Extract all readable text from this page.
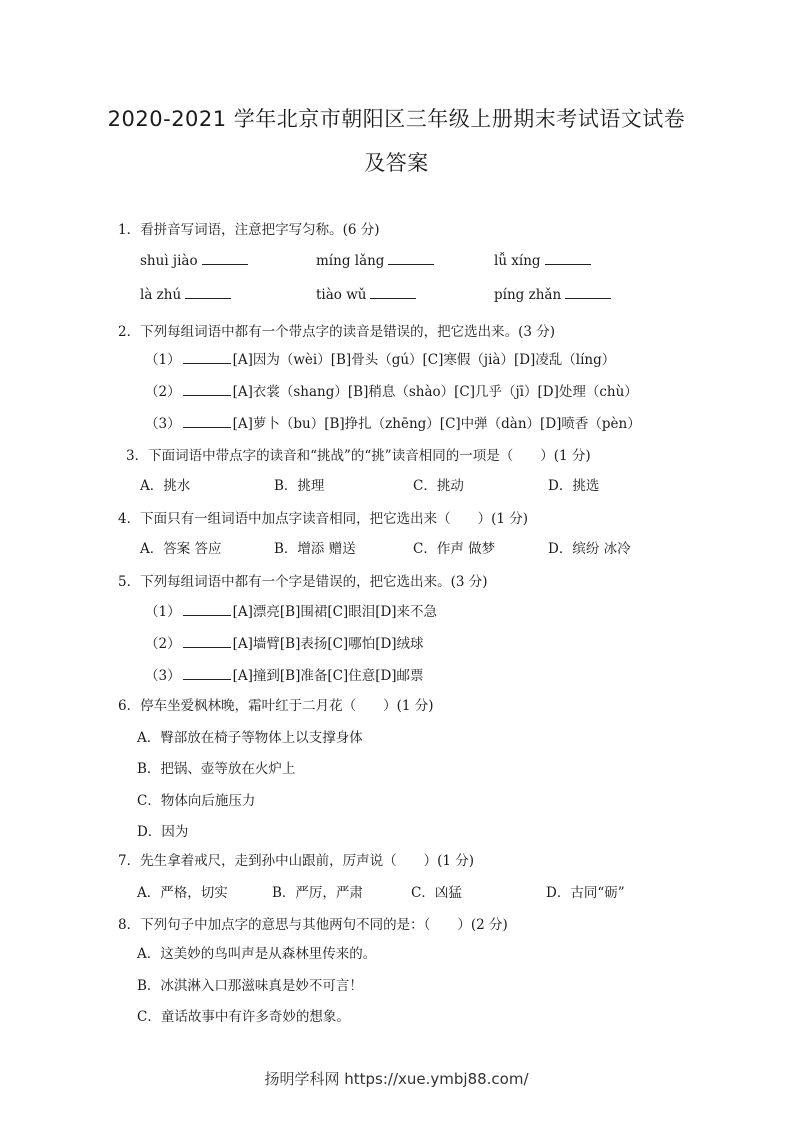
2020-2021 学年北京市朝阳区三年级上册期末考试语文试卷
及答案
1．看拼音写词语，注意把字写匀称。(6 分)
shuì jiào	míng lǎng	lǚ xíng
là zhú	tiào wǔ	píng zhǎn
2．下列每组词语中都有一个带点字的读音是错误的，把它选出来。(3 分)
（1）	[A]因为（wèi）[B]骨头（gú）[C]寒假（jià）[D]凌乱（líng）
（2）	[A]衣裳（shang）[B]稍息（shào）[C]几乎（jī）[D]处理（chù）
（3）	[A]萝卜（bu）[B]挣扎（zhēng）[C]中弹（dàn）[D]喷香（pèn）
3．下面词语中带点字的读音和“挑战”的“挑”读音相同的一项是（　　）(1 分)
A．挑水	B．挑理	C．挑动	D．挑选
4．下面只有一组词语中加点字读音相同，把它选出来（　　）(1 分)
A．答案 答应	B．增添 赠送	C．作声 做梦	D．缤纷 冰冷
5．下列每组词语中都有一个字是错误的，把它选出来。(3 分)
（1）	[A]漂亮[B]围裙[C]眼泪[D]来不急
（2）	[A]墙臂[B]表扬[C]哪怕[D]绒球
（3）	[A]撞到[B]准备[C]住意[D]邮票
6．停车坐爱枫林晚，霜叶红于二月花（　　）(1 分)
A．臀部放在椅子等物体上以支撑身体
B．把锅、壶等放在火炉上
C．物体向后施压力
D．因为
7．先生拿着戒尺，走到孙中山跟前，厉声说（　　）(1 分)
A．严格，切实	B．严厉，严肃	C．凶猛	D．古同“砺”
8．下列句子中加点字的意思与其他两句不同的是：（　　）(2 分)
A．这美妙的鸟叫声是从森林里传来的。
B．冰淇淋入口那滋味真是妙不可言！
C．童话故事中有许多奇妙的想象。
扬明学科网 https://xue.ymbj88.com/
